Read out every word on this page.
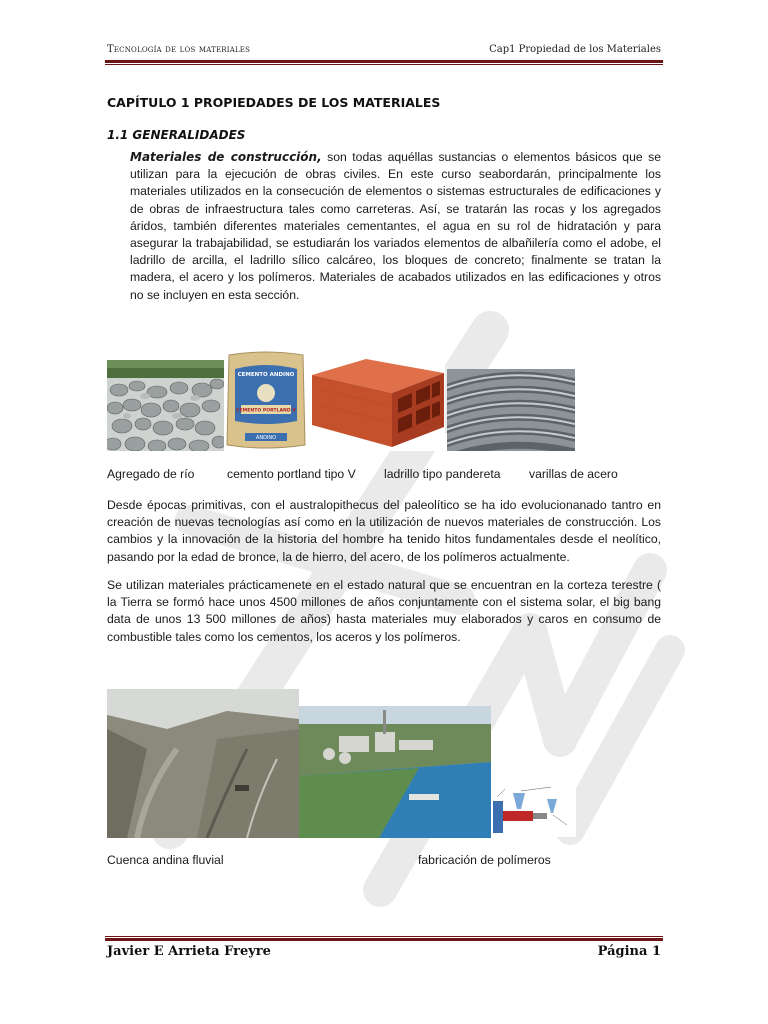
Tecnología de los materiales	Cap1 Propiedad de los Materiales
CAPÍTULO 1 PROPIEDADES DE LOS MATERIALES
1.1 GENERALIDADES
Materiales de construcción, son todas aquéllas sustancias o elementos básicos que se utilizan para la ejecución de obras civiles. En este curso seabordarán, principalmente los materiales utilizados en la consecución de elementos o sistemas estructurales de edificaciones y de obras de infraestructura tales como carreteras. Así, se tratarán las rocas y los agregados áridos, también diferentes materiales cementantes, el agua en su rol de hidratación y para asegurar la trabajabilidad, se estudiarán los variados elementos de albañilería como el adobe, el ladrillo de arcilla, el ladrillo sílico calcáreo, los bloques de concreto; finalmente se tratan la madera, el acero y los polímeros. Materiales de acabados utilizados en las edificaciones y otros no se incluyen en esta sección.
CEMENTO ANDINO
CEMENTO PORTLAND V
ANDINO
Agregado de río	cemento portland tipo V ladrillo tipo pandereta varillas de acero
Desde épocas primitivas, con el australopithecus del paleolítico se ha ido evolucionanado tantro en creación de nuevas tecnologías así como en la utilización de nuevos materiales de construcción. Los cambios y la innovación de la historia del hombre ha tenido hitos fundamentales desde el neolítico, pasando por la edad de bronce, la de hierro, del acero, de los polímeros actualmente.
Se utilizan materiales prácticamenete en el estado natural que se encuentran en la corteza terestre ( la Tierra se formó hace unos 4500 millones de años conjuntamente con el sistema solar, el big bang data de unos 13 500 millones de años) hasta materiales muy elaborados y caros en consumo de combustible tales como los cementos, los aceros y los polímeros.
Cuenca andina fluvial	fabricación de polímeros
Javier E Arrieta Freyre	Página 1
